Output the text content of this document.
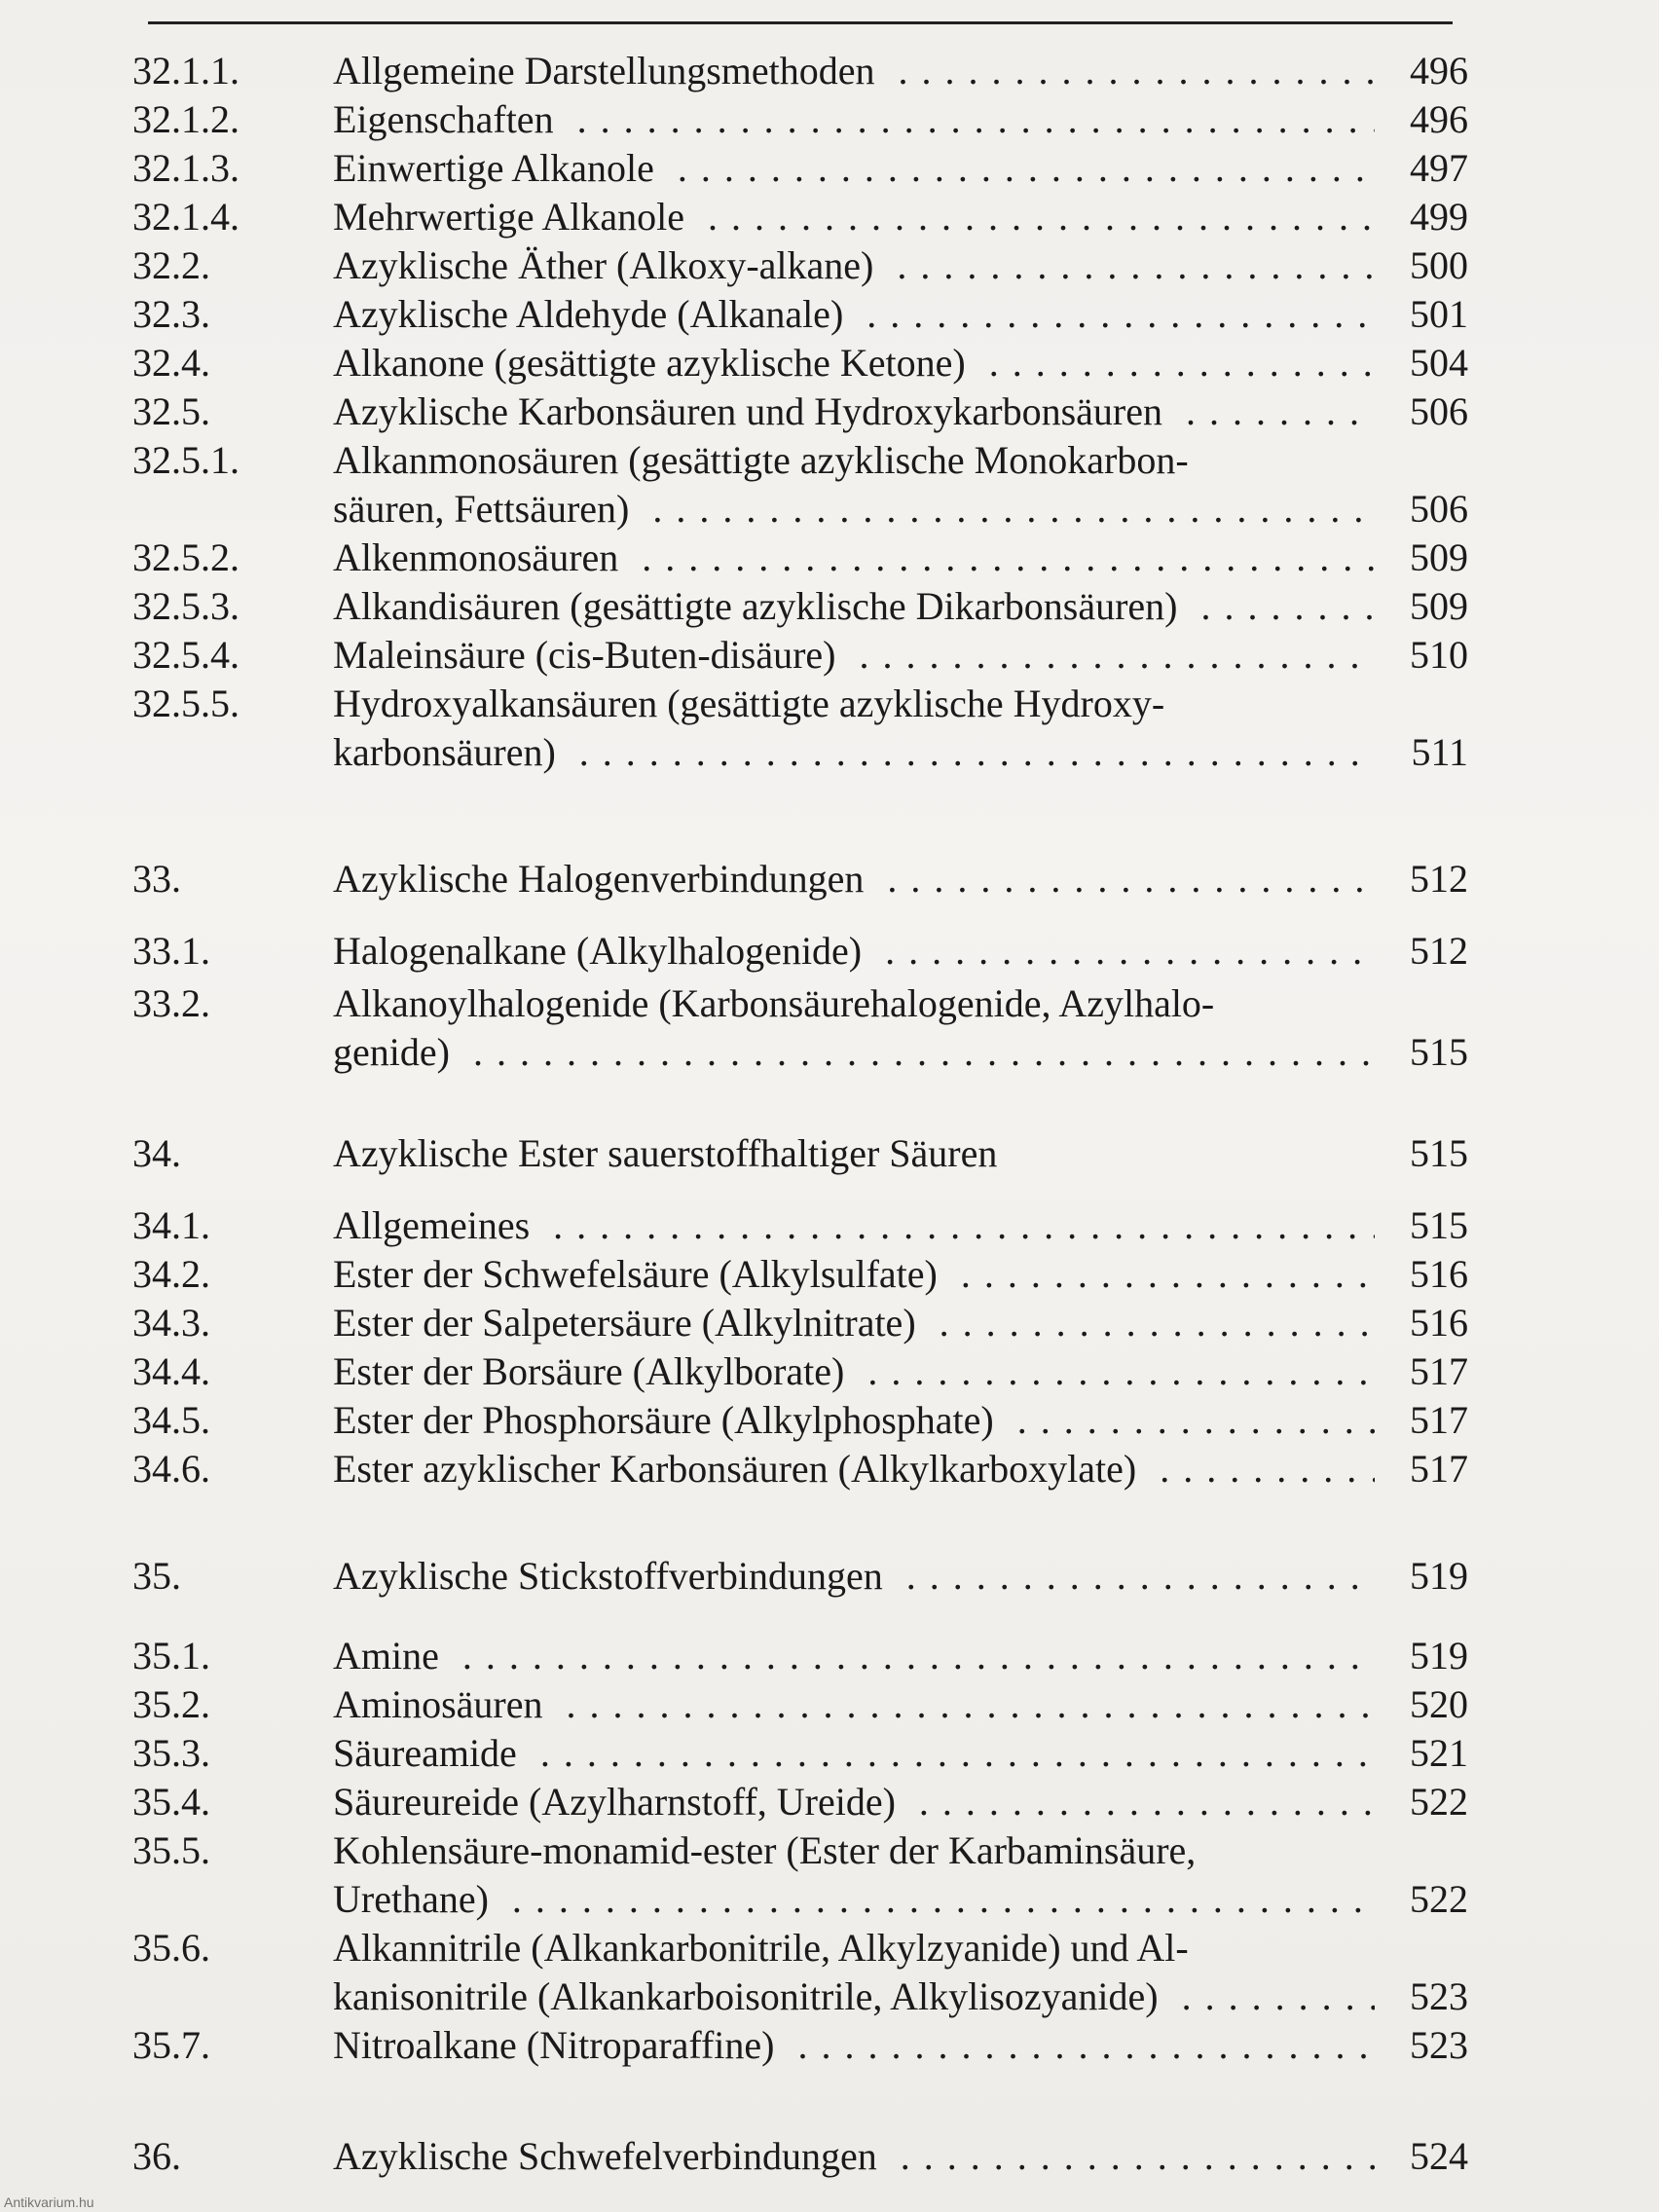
32.1.1. Allgemeine Darstellungsmethoden . . .	496
32.1.2. Eigenschaften . . .	496
32.1.3. Einwertige Alkanole . . .	497
32.1.4. Mehrwertige Alkanole . . .	499
32.2.	Azyklische Äther (Alkoxy-alkane) . . .	500
32.3.	Azyklische Aldehyde (Alkanale) . . .	501
32.4.	Alkanone (gesättigte azyklische Ketone) . . .	504
32.5.	Azyklische Karbonsäuren und Hydroxykarbonsäuren . . .	506
32.5.1. Alkanmonosäuren (gesättigte azyklische Monokarbon-
säuren, Fettsäuren) . . .	506
32.5.2. Alkenmonosäuren . . .	509
32.5.3. Alkandisäuren (gesättigte azyklische Dikarbonsäuren) . . .	509
32.5.4. Maleinsäure (cis-Buten-disäure) . . .	510
32.5.5. Hydroxyalkansäuren (gesättigte azyklische Hydroxy-
karbonsäuren) . . .	511
33.	Azyklische Halogenverbindungen . . .	512
33.1.	Halogenalkane (Alkylhalogenide) . . .	512
33.2.	Alkanoylhalogenide (Karbonsäurehalogenide, Azylhalo-
genide) . . .	515
34.	Azyklische Ester sauerstoffhaltiger Säuren	515
34.1.	Allgemeines . . .	515
34.2.	Ester der Schwefelsäure (Alkylsulfate) . . .	516
34.3.	Ester der Salpetersäure (Alkylnitrate) . . .	516
34.4.	Ester der Borsäure (Alkylborate) . . .	517
34.5.	Ester der Phosphorsäure (Alkylphosphate) . . .	517
34.6.	Ester azyklischer Karbonsäuren (Alkylkarboxylate) . . .	517
35.	Azyklische Stickstoffverbindungen . . .	519
35.1.	Amine . . .	519
35.2.	Aminosäuren . . .	520
35.3.	Säureamide . . .	521
35.4.	Säureureide (Azylharnstoff, Ureide) . . .	522
35.5.	Kohlensäure-monamid-ester (Ester der Karbaminsäure,
Urethane) . . .	522
35.6.	Alkannitrile (Alkankarbonitrile, Alkylzyanide) und Al-
kanisonitrile (Alkankarboisonitrile, Alkylisozyanide) . . .	523
35.7.	Nitroalkane (Nitroparaffine) . . .	523
36.	Azyklische Schwefelverbindungen . . .	524
Antikvarium.hu
